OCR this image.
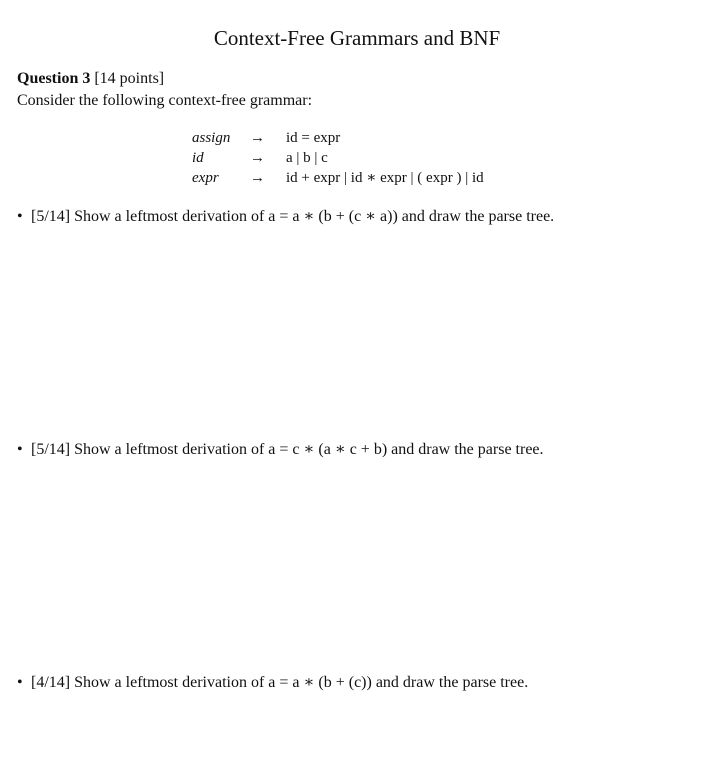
Context-Free Grammars and BNF
Question 3 [14 points]
Consider the following context-free grammar:
assign → id = expr
id	→ a | b | c
expr → id + expr | id ∗ expr | ( expr ) | id
• [5/14] Show a leftmost derivation of a = a ∗ (b + (c ∗ a)) and draw the parse tree.
• [5/14] Show a leftmost derivation of a = c ∗ (a ∗ c + b) and draw the parse tree.
• [4/14] Show a leftmost derivation of a = a ∗ (b + (c)) and draw the parse tree.
